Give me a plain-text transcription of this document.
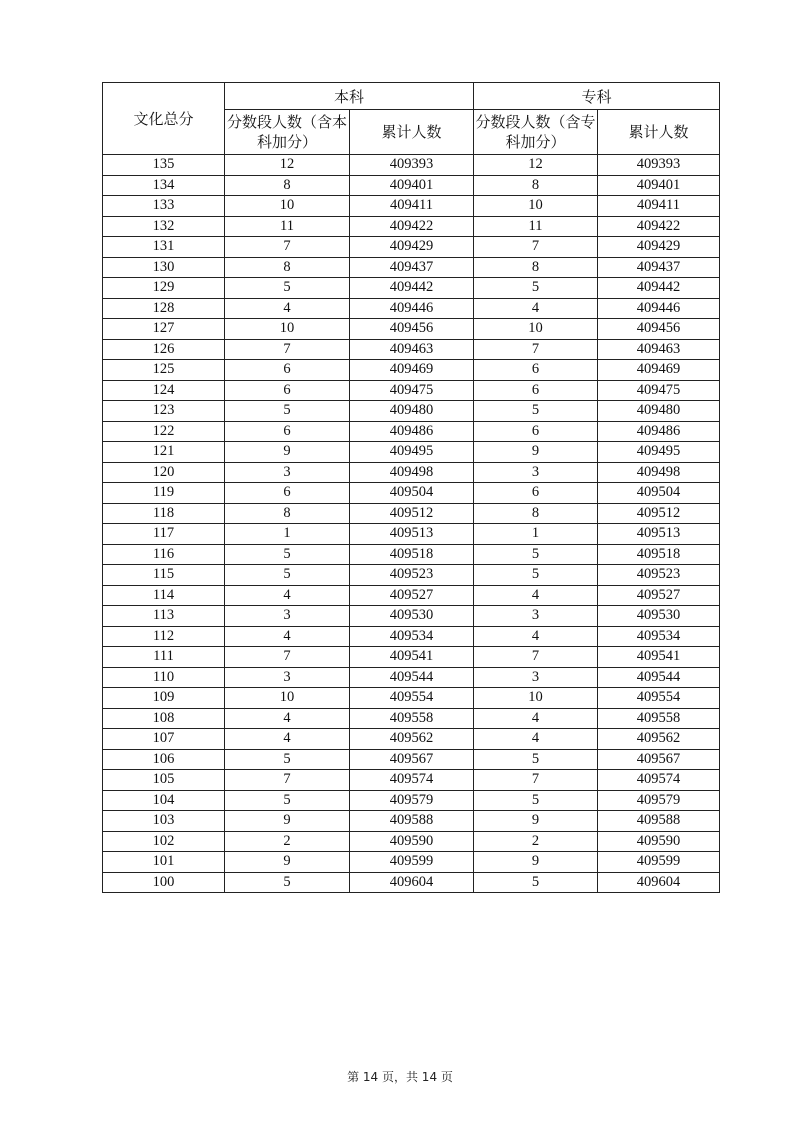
文化总分	本科		专科	
	分数段人数（含本科加分）	累计人数	分数段人数（含专科加分）	累计人数
135	12	409393	12	409393
134	8	409401	8	409401
133	10	409411	10	409411
132	11	409422	11	409422
131	7	409429	7	409429
130	8	409437	8	409437
129	5	409442	5	409442
128	4	409446	4	409446
127	10	409456	10	409456
126	7	409463	7	409463
125	6	409469	6	409469
124	6	409475	6	409475
123	5	409480	5	409480
122	6	409486	6	409486
121	9	409495	9	409495
120	3	409498	3	409498
119	6	409504	6	409504
118	8	409512	8	409512
117	1	409513	1	409513
116	5	409518	5	409518
115	5	409523	5	409523
114	4	409527	4	409527
113	3	409530	3	409530
112	4	409534	4	409534
111	7	409541	7	409541
110	3	409544	3	409544
109	10	409554	10	409554
108	4	409558	4	409558
107	4	409562	4	409562
106	5	409567	5	409567
105	7	409574	7	409574
104	5	409579	5	409579
103	9	409588	9	409588
102	2	409590	2	409590
101	9	409599	9	409599
100	5	409604	5	409604
第 14 页，共 14 页
